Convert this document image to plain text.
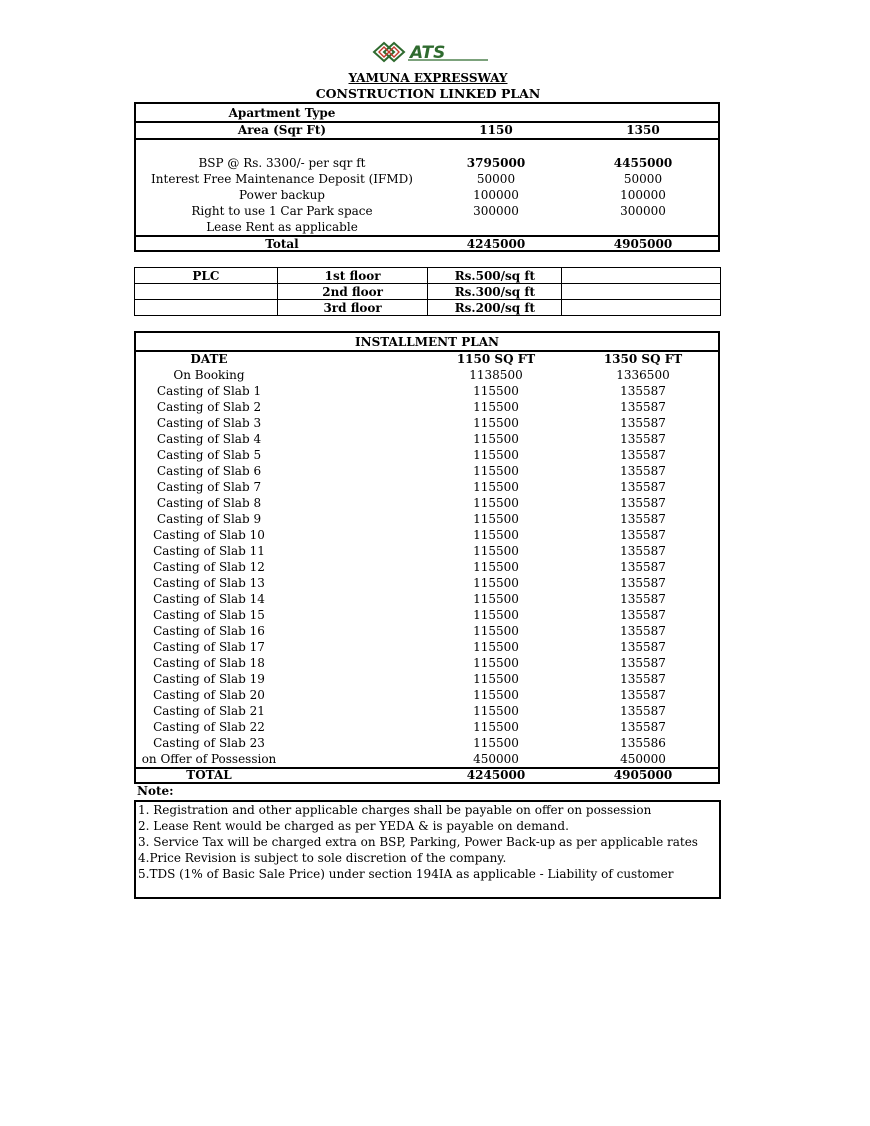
ATS
YAMUNA EXPRESSWAY
CONSTRUCTION LINKED PLAN
Apartment Type
Area (Sqr Ft)	1150	1350
BSP @ Rs. 3300/- per sqr ft	3795000	4455000
Interest Free Maintenance Deposit (IFMD)	50000	50000
Power backup	100000	100000
Right to use 1 Car Park space	300000	300000
Lease Rent as applicable
Total	4245000	4905000
PLC	1st floor	Rs.500/sq ft	
	2nd floor	Rs.300/sq ft	
	3rd floor	Rs.200/sq ft	
INSTALLMENT PLAN
DATE	1150 SQ FT	1350 SQ FT
On Booking	1138500	1336500
Casting of Slab 1	115500	135587
Casting of Slab 2	115500	135587
Casting of Slab 3	115500	135587
Casting of Slab 4	115500	135587
Casting of Slab 5	115500	135587
Casting of Slab 6	115500	135587
Casting of Slab 7	115500	135587
Casting of Slab 8	115500	135587
Casting of Slab 9	115500	135587
Casting of Slab 10	115500	135587
Casting of Slab 11	115500	135587
Casting of Slab 12	115500	135587
Casting of Slab 13	115500	135587
Casting of Slab 14	115500	135587
Casting of Slab 15	115500	135587
Casting of Slab 16	115500	135587
Casting of Slab 17	115500	135587
Casting of Slab 18	115500	135587
Casting of Slab 19	115500	135587
Casting of Slab 20	115500	135587
Casting of Slab 21	115500	135587
Casting of Slab 22	115500	135587
Casting of Slab 23	115500	135586
on Offer of Possession	450000	450000
TOTAL	4245000	4905000
Note:
1. Registration and other applicable charges shall be payable on offer on possession
2. Lease Rent would be charged as per YEDA & is payable on demand.
3. Service Tax will be charged extra on BSP, Parking, Power Back-up as per applicable rates
4.Price Revision is subject to sole discretion of the company.
5.TDS (1% of Basic Sale Price) under section 194IA as applicable - Liability of customer
